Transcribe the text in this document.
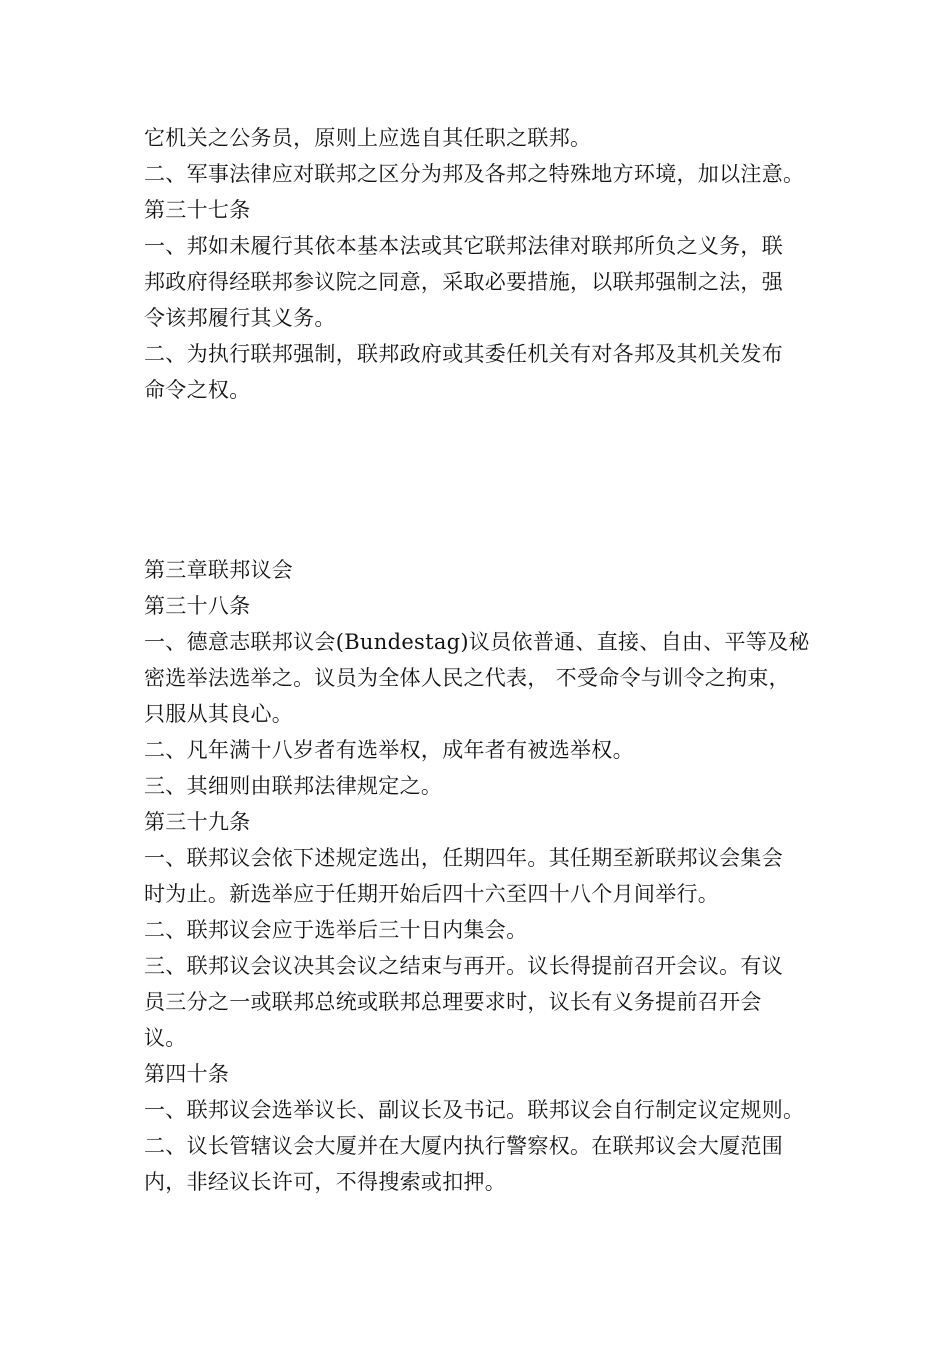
它机关之公务员，原则上应选自其任职之联邦。
二、军事法律应对联邦之区分为邦及各邦之特殊地方环境，加以注意。
第三十七条
一、邦如未履行其依本基本法或其它联邦法律对联邦所负之义务，联
邦政府得经联邦参议院之同意，采取必要措施，以联邦强制之法，强
令该邦履行其义务。
二、为执行联邦强制，联邦政府或其委任机关有对各邦及其机关发布
命令之权。
第三章联邦议会
第三十八条
一、德意志联邦议会(Bundestag)议员依普通、直接、自由、平等及秘
密选举法选举之。议员为全体人民之代表， 不受命令与训令之拘束，
只服从其良心。
二、凡年满十八岁者有选举权，成年者有被选举权。
三、其细则由联邦法律规定之。
第三十九条
一、联邦议会依下述规定选出，任期四年。其任期至新联邦议会集会
时为止。新选举应于任期开始后四十六至四十八个月间举行。
二、联邦议会应于选举后三十日内集会。
三、联邦议会议决其会议之结束与再开。议长得提前召开会议。有议
员三分之一或联邦总统或联邦总理要求时，议长有义务提前召开会
议。
第四十条
一、联邦议会选举议长、副议长及书记。联邦议会自行制定议定规则。
二、议长管辖议会大厦并在大厦内执行警察权。在联邦议会大厦范围
内，非经议长许可，不得搜索或扣押。
